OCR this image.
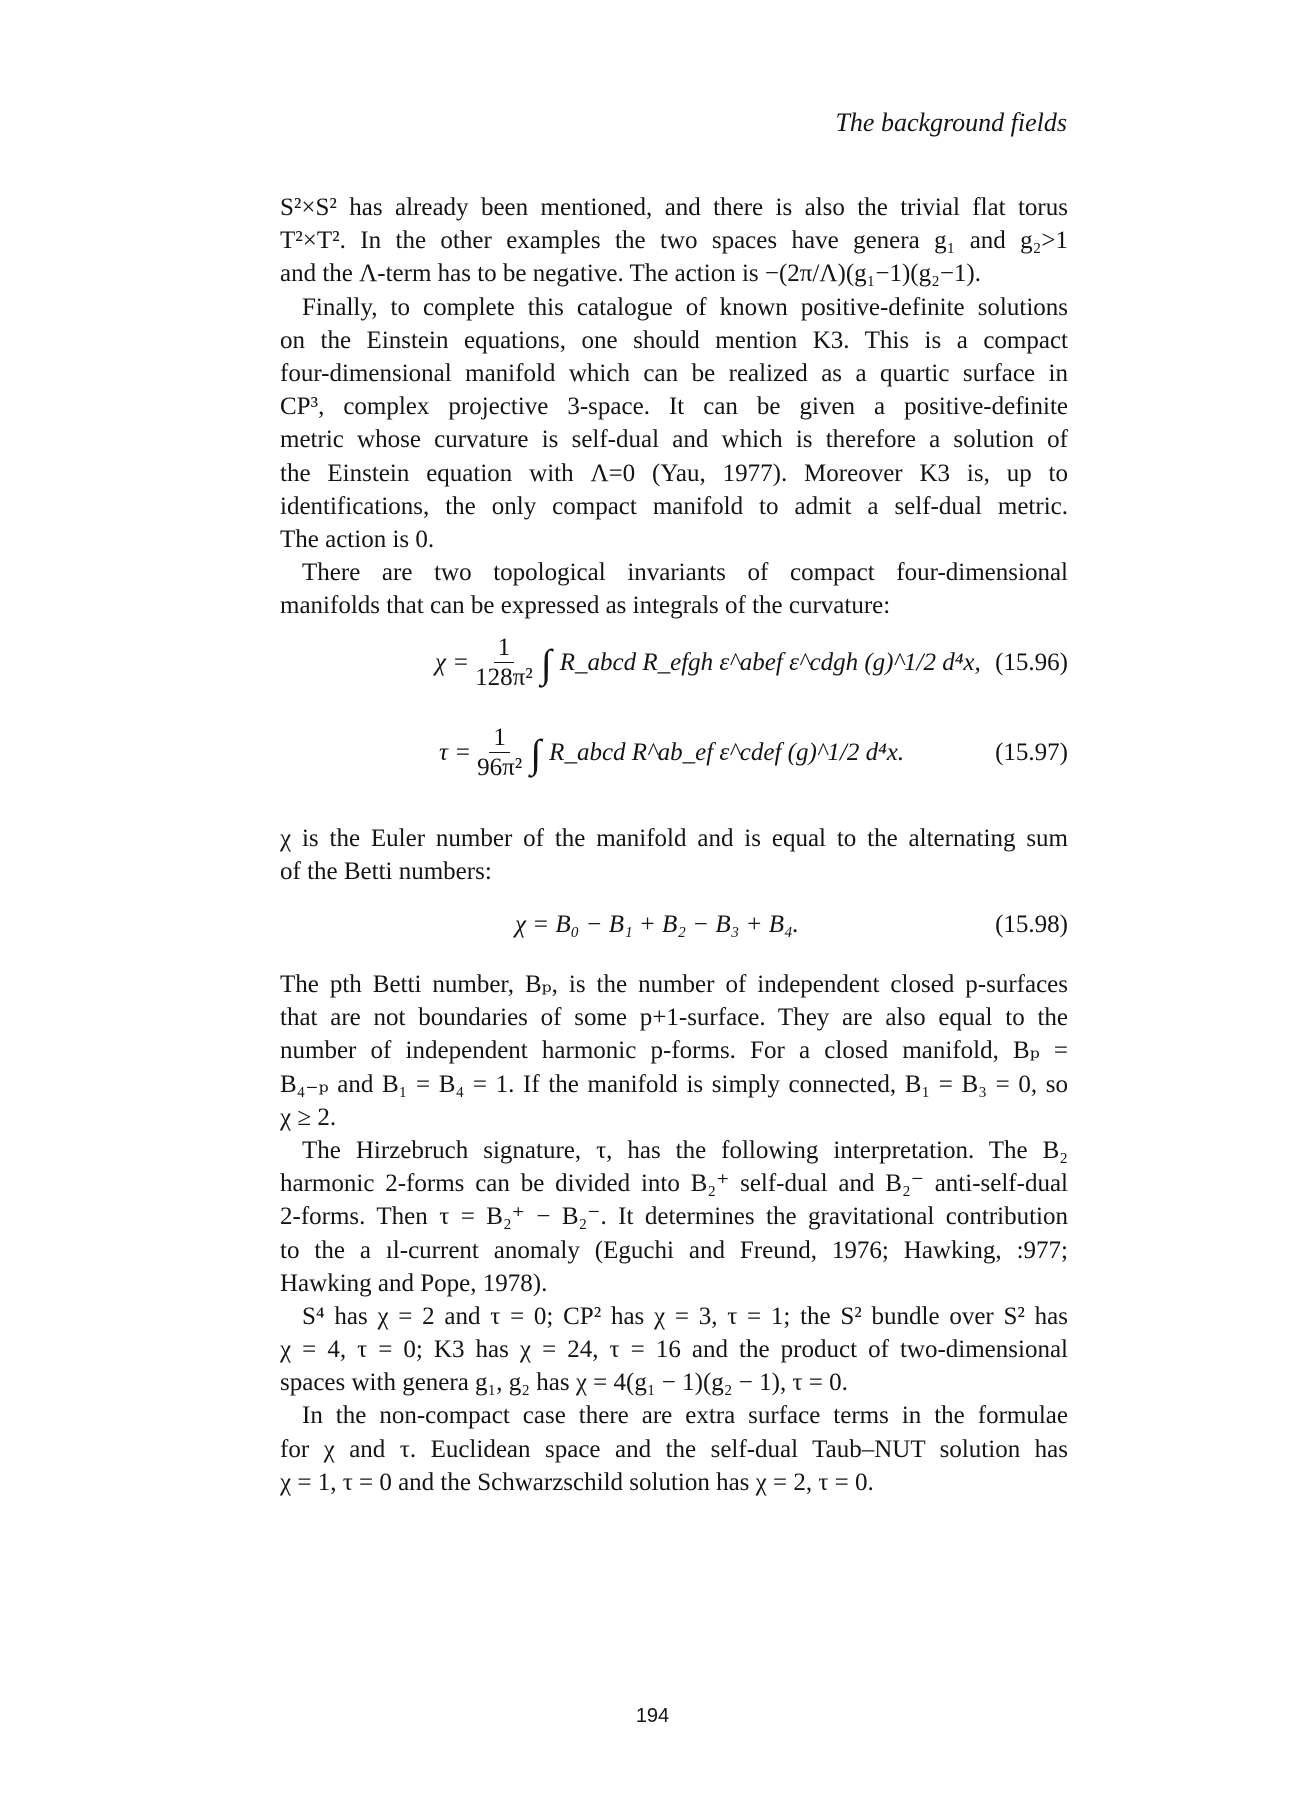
The background fields
S²×S² has already been mentioned, and there is also the trivial flat torus
T²×T². In the other examples the two spaces have genera g₁ and g₂>1
and the Λ-term has to be negative. The action is −(2π/Λ)(g₁−1)(g₂−1).
Finally, to complete this catalogue of known positive-definite solutions
on the Einstein equations, one should mention K3. This is a compact
four-dimensional manifold which can be realized as a quartic surface in
CP³, complex projective 3-space. It can be given a positive-definite
metric whose curvature is self-dual and which is therefore a solution of
the Einstein equation with Λ=0 (Yau, 1977). Moreover K3 is, up to
identifications, the only compact manifold to admit a self-dual metric.
The action is 0.
There are two topological invariants of compact four-dimensional
manifolds that can be expressed as integrals of the curvature:
$\chi = \frac{1}{\text{128π²}}$ ∫ R_abcd R_efgh ε^abef ε^cdgh (g)^1/2 d⁴x, (15.96)
$\tau = \frac{1}{\text{96π²}}$ ∫ R_abcd R^ab_ef ε^cdef (g)^1/2 d⁴x.	(15.97)
χ is the Euler number of the manifold and is equal to the alternating sum
of the Betti numbers:
χ = B₀ − B₁ + B₂ − B₃ + B₄.	(15.98)
The pth Betti number, Bₚ, is the number of independent closed p-surfaces
that are not boundaries of some p+1-surface. They are also equal to the
number of independent harmonic p-forms. For a closed manifold, Bₚ =
B₄₋ₚ and B₁ = B₄ = 1. If the manifold is simply connected, B₁ = B₃ = 0, so
χ ≥ 2.
The Hirzebruch signature, τ, has the following interpretation. The B₂
harmonic 2-forms can be divided into B₂⁺ self-dual and B₂⁻ anti-self-dual
2-forms. Then τ = B₂⁺ − B₂⁻. It determines the gravitational contribution
to the a ıl-current anomaly (Eguchi and Freund, 1976; Hawking, :977;
Hawking and Pope, 1978).
S⁴ has χ = 2 and τ = 0; CP² has χ = 3, τ = 1; the S² bundle over S² has
χ = 4, τ = 0; K3 has χ = 24, τ = 16 and the product of two-dimensional
spaces with genera g₁, g₂ has χ = 4(g₁ − 1)(g₂ − 1), τ = 0.
In the non-compact case there are extra surface terms in the formulae
for χ and τ. Euclidean space and the self-dual Taub–NUT solution has
χ = 1, τ = 0 and the Schwarzschild solution has χ = 2, τ = 0.
194
